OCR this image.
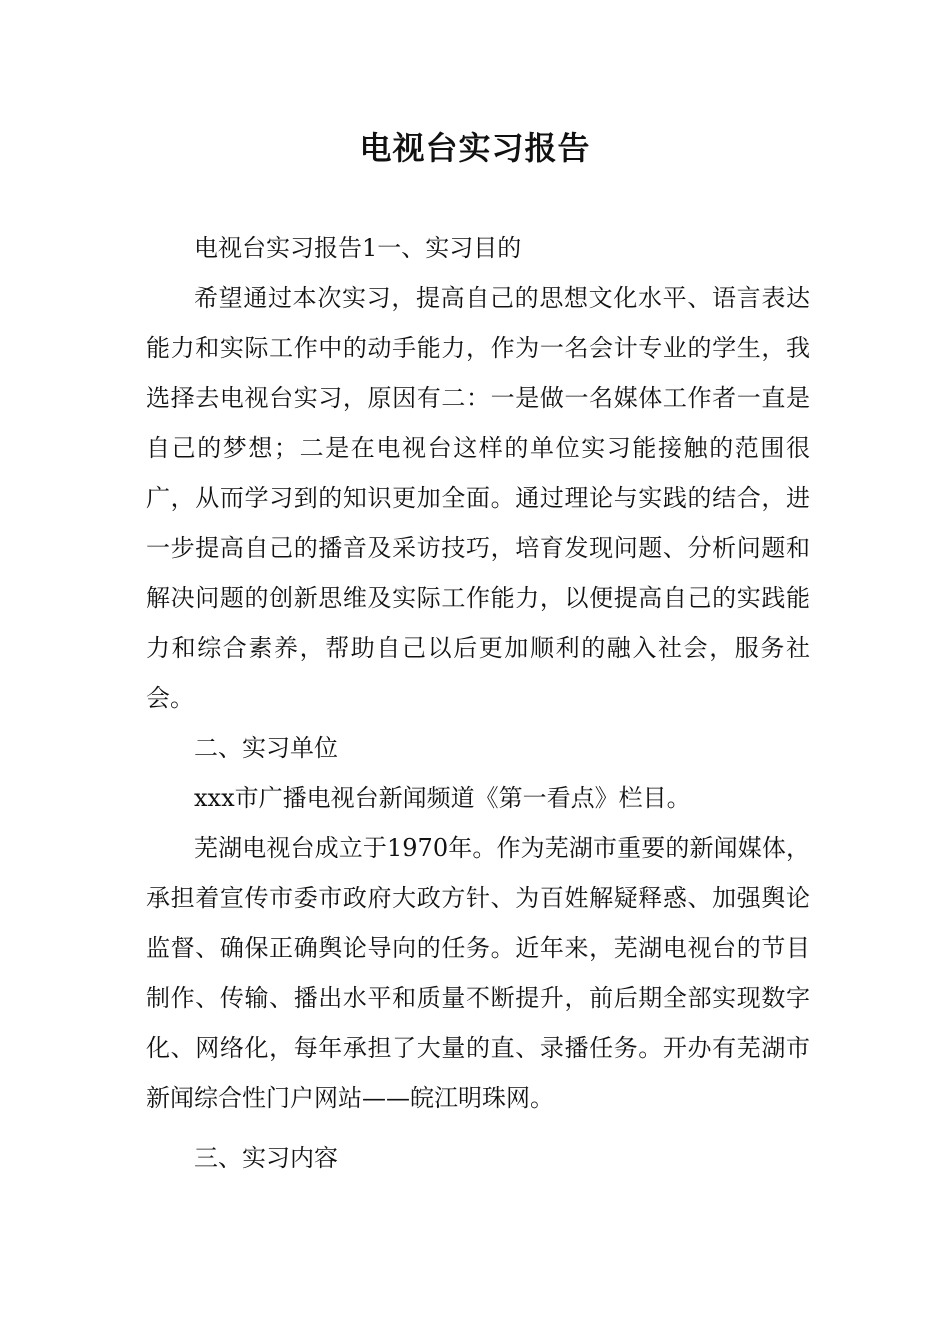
电视台实习报告

电视台实习报告1一、实习目的

希望通过本次实习，提高自己的思想文化水平、语言表达能力和实际工作中的动手能力，作为一名会计专业的学生，我选择去电视台实习，原因有二：一是做一名媒体工作者一直是自己的梦想；二是在电视台这样的单位实习能接触的范围很广，从而学习到的知识更加全面。通过理论与实践的结合，进一步提高自己的播音及采访技巧，培育发现问题、分析问题和解决问题的创新思维及实际工作能力，以便提高自己的实践能力和综合素养，帮助自己以后更加顺利的融入社会，服务社会。

二、实习单位

xxx市广播电视台新闻频道《第一看点》栏目。

芜湖电视台成立于1970年。作为芜湖市重要的新闻媒体，承担着宣传市委市政府大政方针、为百姓解疑释惑、加强舆论监督、确保正确舆论导向的任务。近年来，芜湖电视台的节目制作、传输、播出水平和质量不断提升，前后期全部实现数字化、网络化，每年承担了大量的直、录播任务。开办有芜湖市新闻综合性门户网站——皖江明珠网。

三、实习内容
